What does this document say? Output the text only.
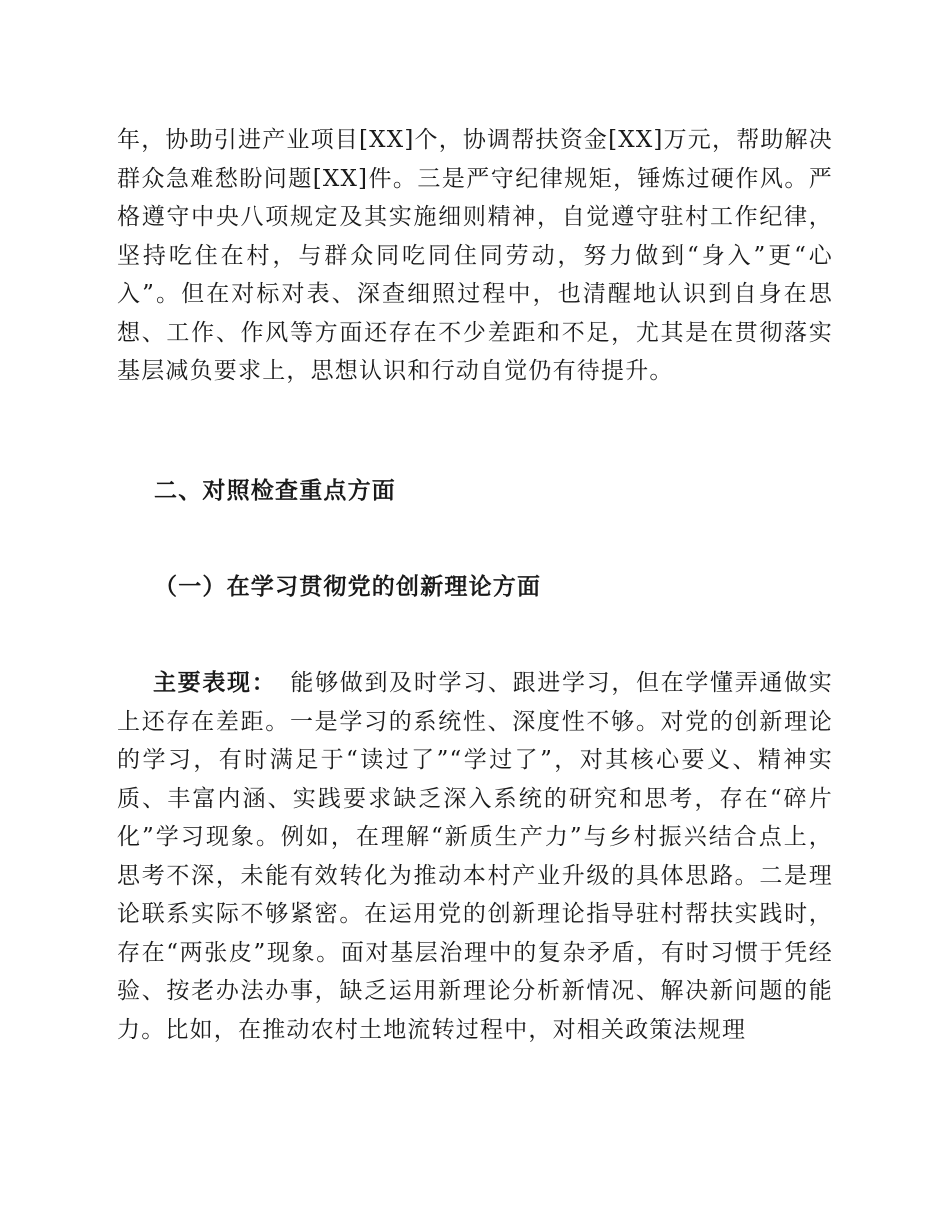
年，协助引进产业项目[XX]个，协调帮扶资金[XX]万元，帮助解决群众急难愁盼问题[XX]件。三是严守纪律规矩，锤炼过硬作风。严格遵守中央八项规定及其实施细则精神，自觉遵守驻村工作纪律，坚持吃住在村，与群众同吃同住同劳动，努力做到“身入”更“心入”。但在对标对表、深查细照过程中，也清醒地认识到自身在思想、工作、作风等方面还存在不少差距和不足，尤其是在贯彻落实基层减负要求上，思想认识和行动自觉仍有待提升。

二、对照检查重点方面
（一）在学习贯彻党的创新理论方面

主要表现： 能够做到及时学习、跟进学习，但在学懂弄通做实上还存在差距。一是学习的系统性、深度性不够。对党的创新理论的学习，有时满足于“读过了”“学过了”，对其核心要义、精神实质、丰富内涵、实践要求缺乏深入系统的研究和思考，存在“碎片化”学习现象。例如，在理解“新质生产力”与乡村振兴结合点上，思考不深，未能有效转化为推动本村产业升级的具体思路。二是理论联系实际不够紧密。在运用党的创新理论指导驻村帮扶实践时，存在“两张皮”现象。面对基层治理中的复杂矛盾，有时习惯于凭经验、按老办法办事，缺乏运用新理论分析新情况、解决新问题的能力。比如，在推动农村土地流转过程中，对相关政策法规理
